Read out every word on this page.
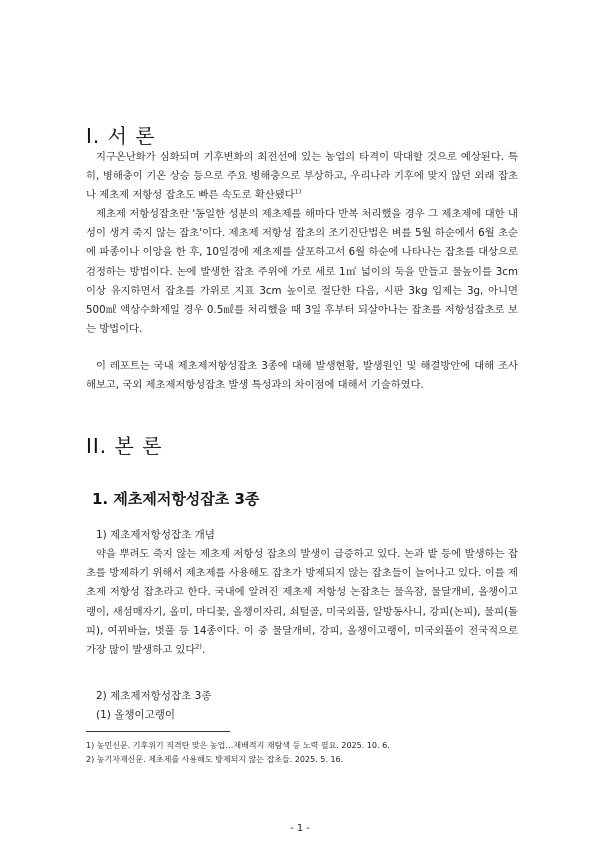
I. 서 론

지구온난화가 심화되며 기후변화의 최전선에 있는 농업의 타격이 막대할 것으로 예상된다. 특히, 병해충이 기온 상승 등으로 주요 병해충으로 부상하고, 우리나라 기후에 맞지 않던 외래 잡초나 제초제 저항성 잡초도 빠른 속도로 확산됐다$^{1)}$

제초제 저항성잡초란 '동일한 성분의 제초제를 해마다 반복 처리했을 경우 그 제초제에 대한 내성이 생겨 죽지 않는 잡초'이다. 제초제 저항성 잡초의 조기진단법은 벼를 5월 하순에서 6월 초순에 파종이나 이앙을 한 후, 10일경에 제초제를 살포하고서 6월 하순에 나타나는 잡초를 대상으로 검정하는 방법이다. 논에 발생한 잡초 주위에 가로 세로 1㎡ 넓이의 둑을 만들고 물높이를 3cm 이상 유지하면서 잡초를 가위로 지표 3cm 높이로 절단한 다음, 시판 3kg 입제는 3g, 아니면 500㎖ 액상수화제일 경우 0.5㎖를 처리했을 때 3일 후부터 되살아나는 잡초를 저항성잡초로 보는 방법이다.

이 레포트는 국내 제초제저항성잡초 3종에 대해 발생현황, 발생원인 및 해결방안에 대해 조사해보고, 국외 제초제저항성잡초 발생 특성과의 차이점에 대해서 기술하였다.

II. 본 론
1. 제초제저항성잡초 3종

1) 제초제저항성잡초 개념

약을 뿌려도 죽지 않는 제초제 저항성 잡초의 발생이 급증하고 있다. 논과 밭 등에 발생하는 잡초를 방제하기 위해서 제초제를 사용해도 잡초가 방제되지 않는 잡초들이 늘어나고 있다. 이를 제초제 저항성 잡초라고 한다. 국내에 알려진 제초제 저항성 논잡초는 물옥잠, 물달개비, 올챙이고랭이, 새섬매자기, 올미, 마디꽃, 올챙이자리, 쇠털골, 미국외풀, 알방동사니, 강피(논피), 물피(돌피), 여뀌바늘, 벗풀 등 14종이다. 이 중 물달개비, 강피, 올챙이고랭이, 미국외풀이 전국적으로 가장 많이 발생하고 있다$^{2)}$.

2) 제초제저항성잡초 3종

(1) 올챙이고랭이

1) 농민신문. 기후위기 직격탄 맞은 농업…재배적지 재탐색 등 노력 필요. 2025. 10. 6.

2) 농기자재신문. 제초제를 사용해도 방제되지 않는 잡초들. 2025. 5. 16.

- 1 -
